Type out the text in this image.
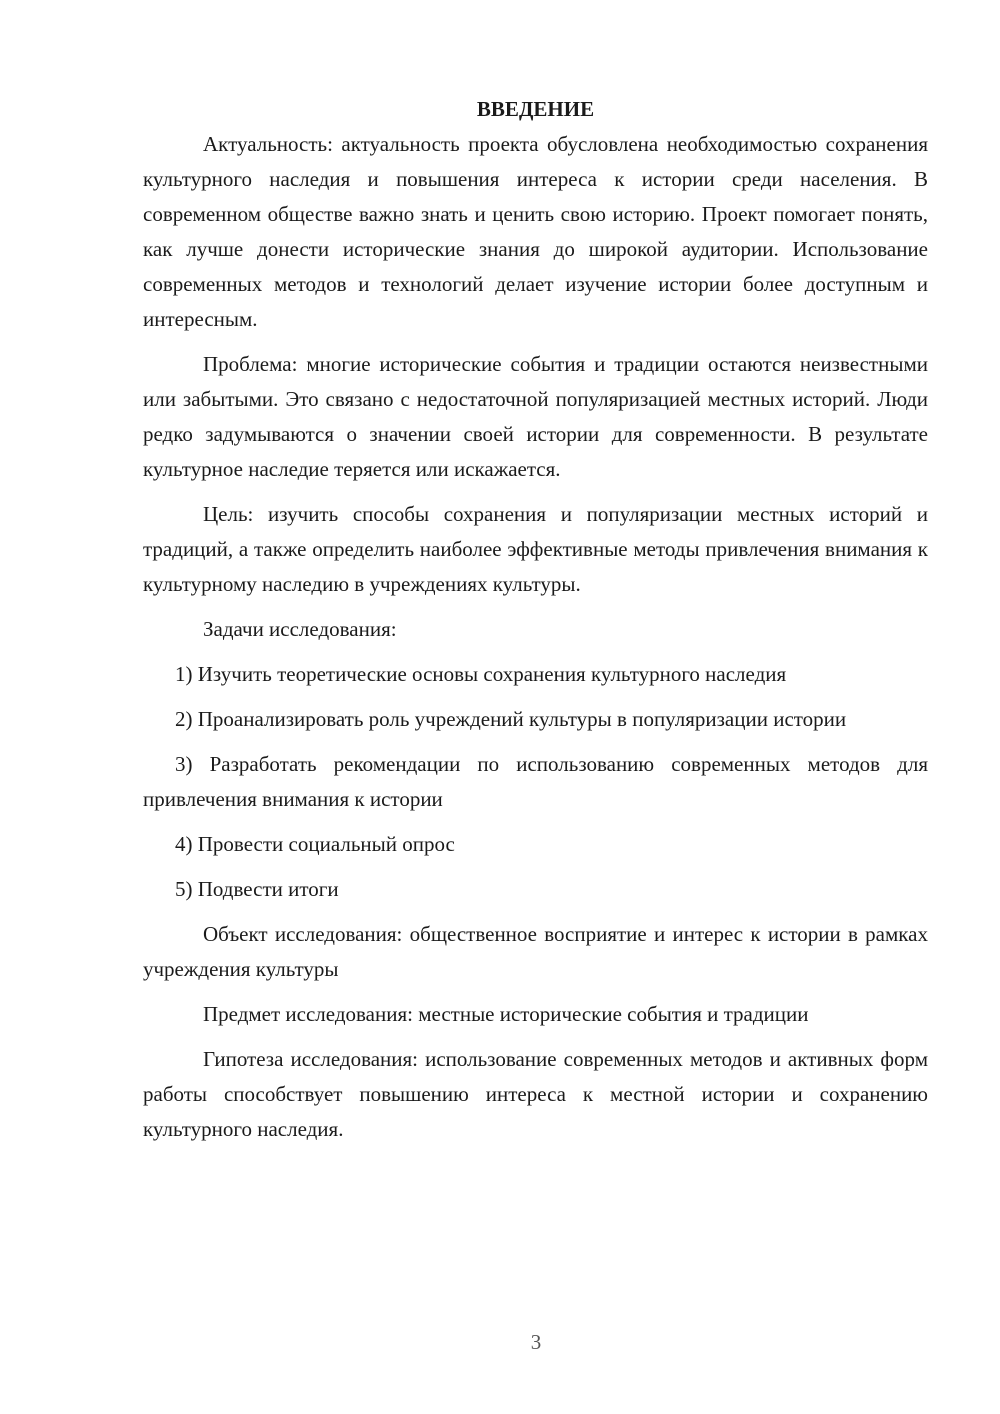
ВВЕДЕНИЕ

Актуальность: актуальность проекта обусловлена необходимостью сохранения культурного наследия и повышения интереса к истории среди населения. В современном обществе важно знать и ценить свою историю. Проект помогает понять, как лучше донести исторические знания до широкой аудитории. Использование современных методов и технологий делает изучение истории более доступным и интересным.

Проблема: многие исторические события и традиции остаются неизвестными или забытыми. Это связано с недостаточной популяризацией местных историй. Люди редко задумываются о значении своей истории для современности. В результате культурное наследие теряется или искажается.

Цель: изучить способы сохранения и популяризации местных историй и традиций, а также определить наиболее эффективные методы привлечения внимания к культурному наследию в учреждениях культуры.

Задачи исследования:

1) Изучить теоретические основы сохранения культурного наследия

2) Проанализировать роль учреждений культуры в популяризации истории

3) Разработать рекомендации по использованию современных методов для привлечения внимания к истории

4) Провести социальный опрос

5) Подвести итоги

Объект исследования: общественное восприятие и интерес к истории в рамках учреждения культуры

Предмет исследования: местные исторические события и традиции

Гипотеза исследования: использование современных методов и активных форм работы способствует повышению интереса к местной истории и сохранению культурного наследия.

3
